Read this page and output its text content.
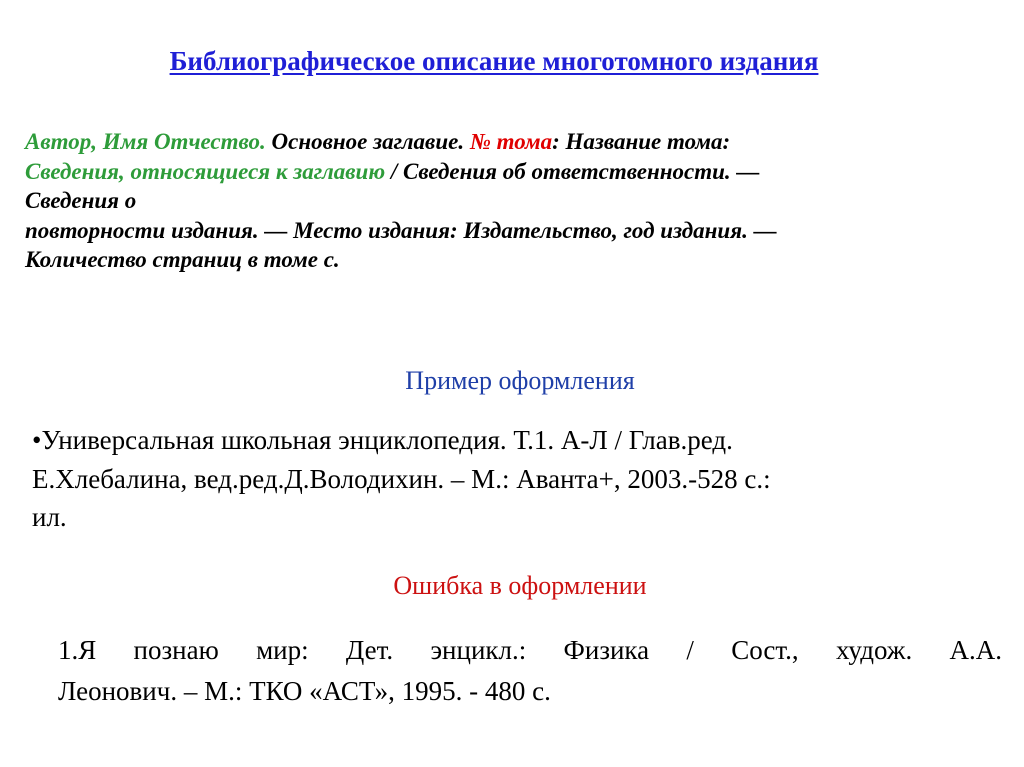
Библиографическое описание многотомного издания
Автор, Имя Отчество. Основное заглавие. № тома: Название тома:
Сведения, относящиеся к заглавию / Сведения об ответственности. —
Сведения о
повторности издания. — Место издания: Издательство, год издания. —
Количество страниц в томе с.
Пример оформления
•Универсальная школьная энциклопедия. Т.1. А-Л / Глав.ред.
Е.Хлебалина, вед.ред.Д.Володихин. – М.: Аванта+, 2003.-528 с.:
ил.
Ошибка в оформлении
1.Я познаю мир: Дет. энцикл.: Физика / Сост., худож. А.А.
Леонович. – М.: ТКО «АСТ», 1995. - 480 с.
